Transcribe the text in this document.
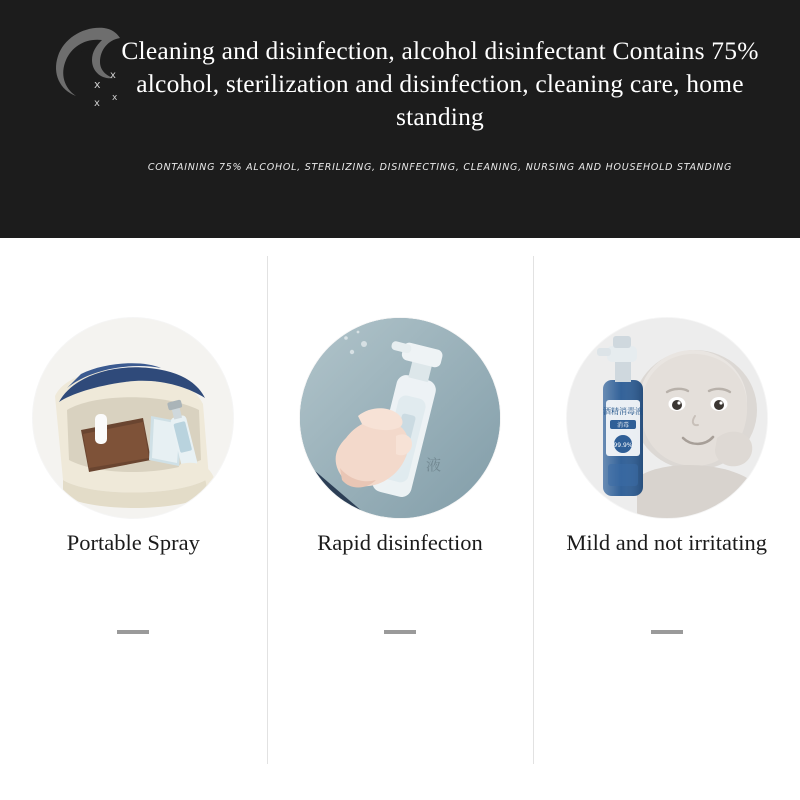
x
x
x x
Cleaning and disinfection, alcohol disinfectant Contains 75% alcohol, sterilization and disinfection, cleaning care, home standing
CONTAINING 75% ALCOHOL, STERILIZING, DISINFECTING, CLEANING, NURSING AND HOUSEHOLD STANDING
Portable Spray
液
Rapid disinfection
酒精消毒液
消毒
99.9%
Mild and not irritating
